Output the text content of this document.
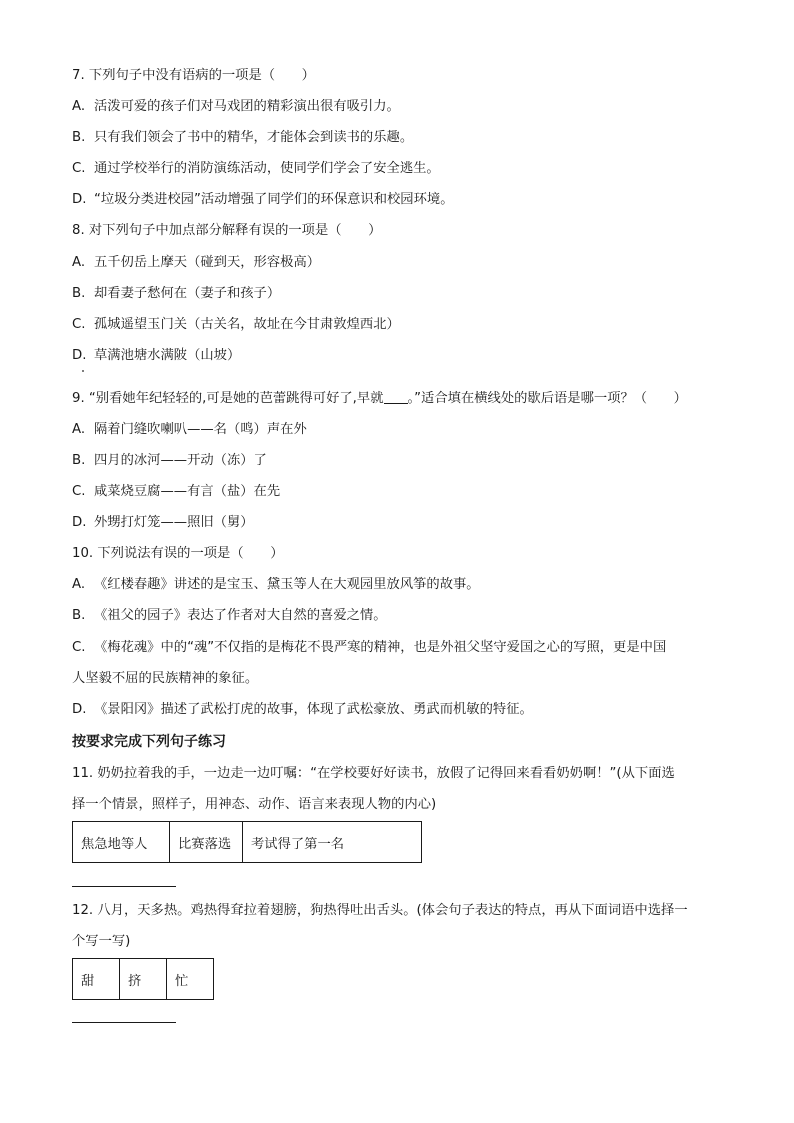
7. 下列句子中没有语病的一项是（　　）
A. 活泼可爱的孩子们对马戏团的精彩演出很有吸引力。
B. 只有我们领会了书中的精华，才能体会到读书的乐趣。
C. 通过学校举行的消防演练活动，使同学们学会了安全逃生。
D. “垃圾分类进校园”活动增强了同学们的环保意识和校园环境。
8. 对下列句子中加点部分解释有误的一项是（　　）
A. 五千仞岳上摩天（碰到天，形容极高）
B. 却看妻子愁何在（妻子和孩子）
C. 孤城遥望玉门关（古关名，故址在今甘肃敦煌西北）
D. 草满池塘水满陂（山坡）
9. “别看她年纪轻轻的,可是她的芭蕾跳得可好了,早就 。”适合填在横线处的歇后语是哪一项？（　　）
A. 隔着门缝吹喇叭——名（鸣）声在外
B. 四月的冰河——开动（冻）了
C. 咸菜烧豆腐——有言（盐）在先
D. 外甥打灯笼——照旧（舅）
10. 下列说法有误的一项是（　　）
A. 《红楼春趣》讲述的是宝玉、黛玉等人在大观园里放风筝的故事。
B. 《祖父的园子》表达了作者对大自然的喜爱之情。
C. 《梅花魂》中的“魂”不仅指的是梅花不畏严寒的精神，也是外祖父坚守爱国之心的写照，更是中国
人坚毅不屈的民族精神的象征。
D. 《景阳冈》描述了武松打虎的故事，体现了武松豪放、勇武而机敏的特征。
按要求完成下列句子练习
11. 奶奶拉着我的手，一边走一边叮嘱：“在学校要好好读书，放假了记得回来看看奶奶啊！”(从下面选
择一个情景，照样子，用神态、动作、语言来表现人物的内心)
焦急地等人	比赛落选	考试得了第一名
12. 八月，天多热。鸡热得耷拉着翅膀，狗热得吐出舌头。(体会句子表达的特点，再从下面词语中选择一
个写一写)
甜	挤	忙
